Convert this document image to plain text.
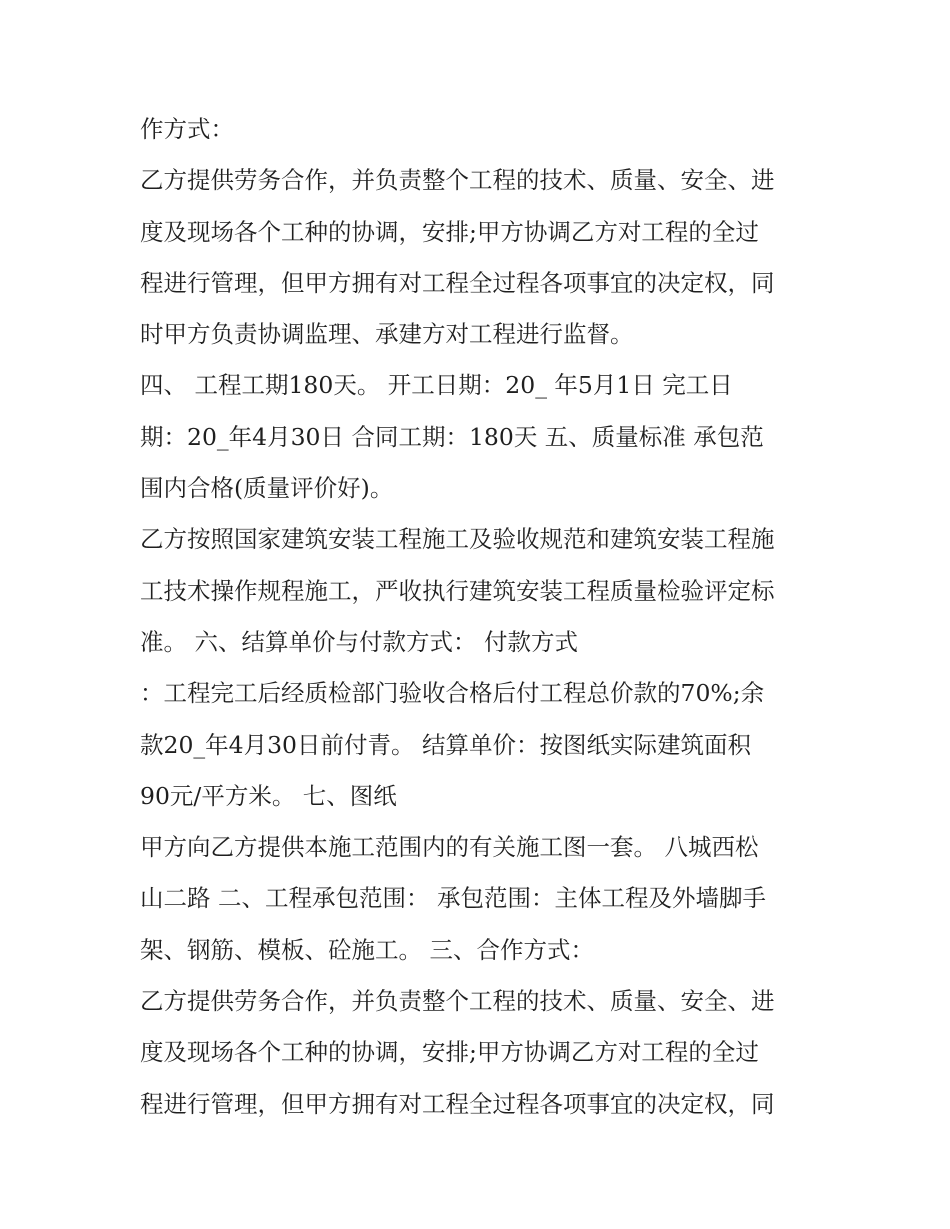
作方式：
乙方提供劳务合作，并负责整个工程的技术、质量、安全、进
度及现场各个工种的协调，安排;甲方协调乙方对工程的全过
程进行管理，但甲方拥有对工程全过程各项事宜的决定权，同
时甲方负责协调监理、承建方对工程进行监督。
四、 工程工期180天。 开工日期：20_ 年5月1日 完工日
期：20_年4月30日 合同工期：180天 五、质量标准 承包范
围内合格(质量评价好)。
乙方按照国家建筑安装工程施工及验收规范和建筑安装工程施
工技术操作规程施工，严收执行建筑安装工程质量检验评定标
准。 六、结算单价与付款方式： 付款方式
：工程完工后经质检部门验收合格后付工程总价款的70%;余
款20_年4月30日前付青。 结算单价：按图纸实际建筑面积
90元/平方米。 七、图纸
甲方向乙方提供本施工范围内的有关施工图一套。 八城西松
山二路 二、工程承包范围： 承包范围：主体工程及外墙脚手
架、钢筋、模板、砼施工。 三、合作方式：
乙方提供劳务合作，并负责整个工程的技术、质量、安全、进
度及现场各个工种的协调，安排;甲方协调乙方对工程的全过
程进行管理，但甲方拥有对工程全过程各项事宜的决定权，同
